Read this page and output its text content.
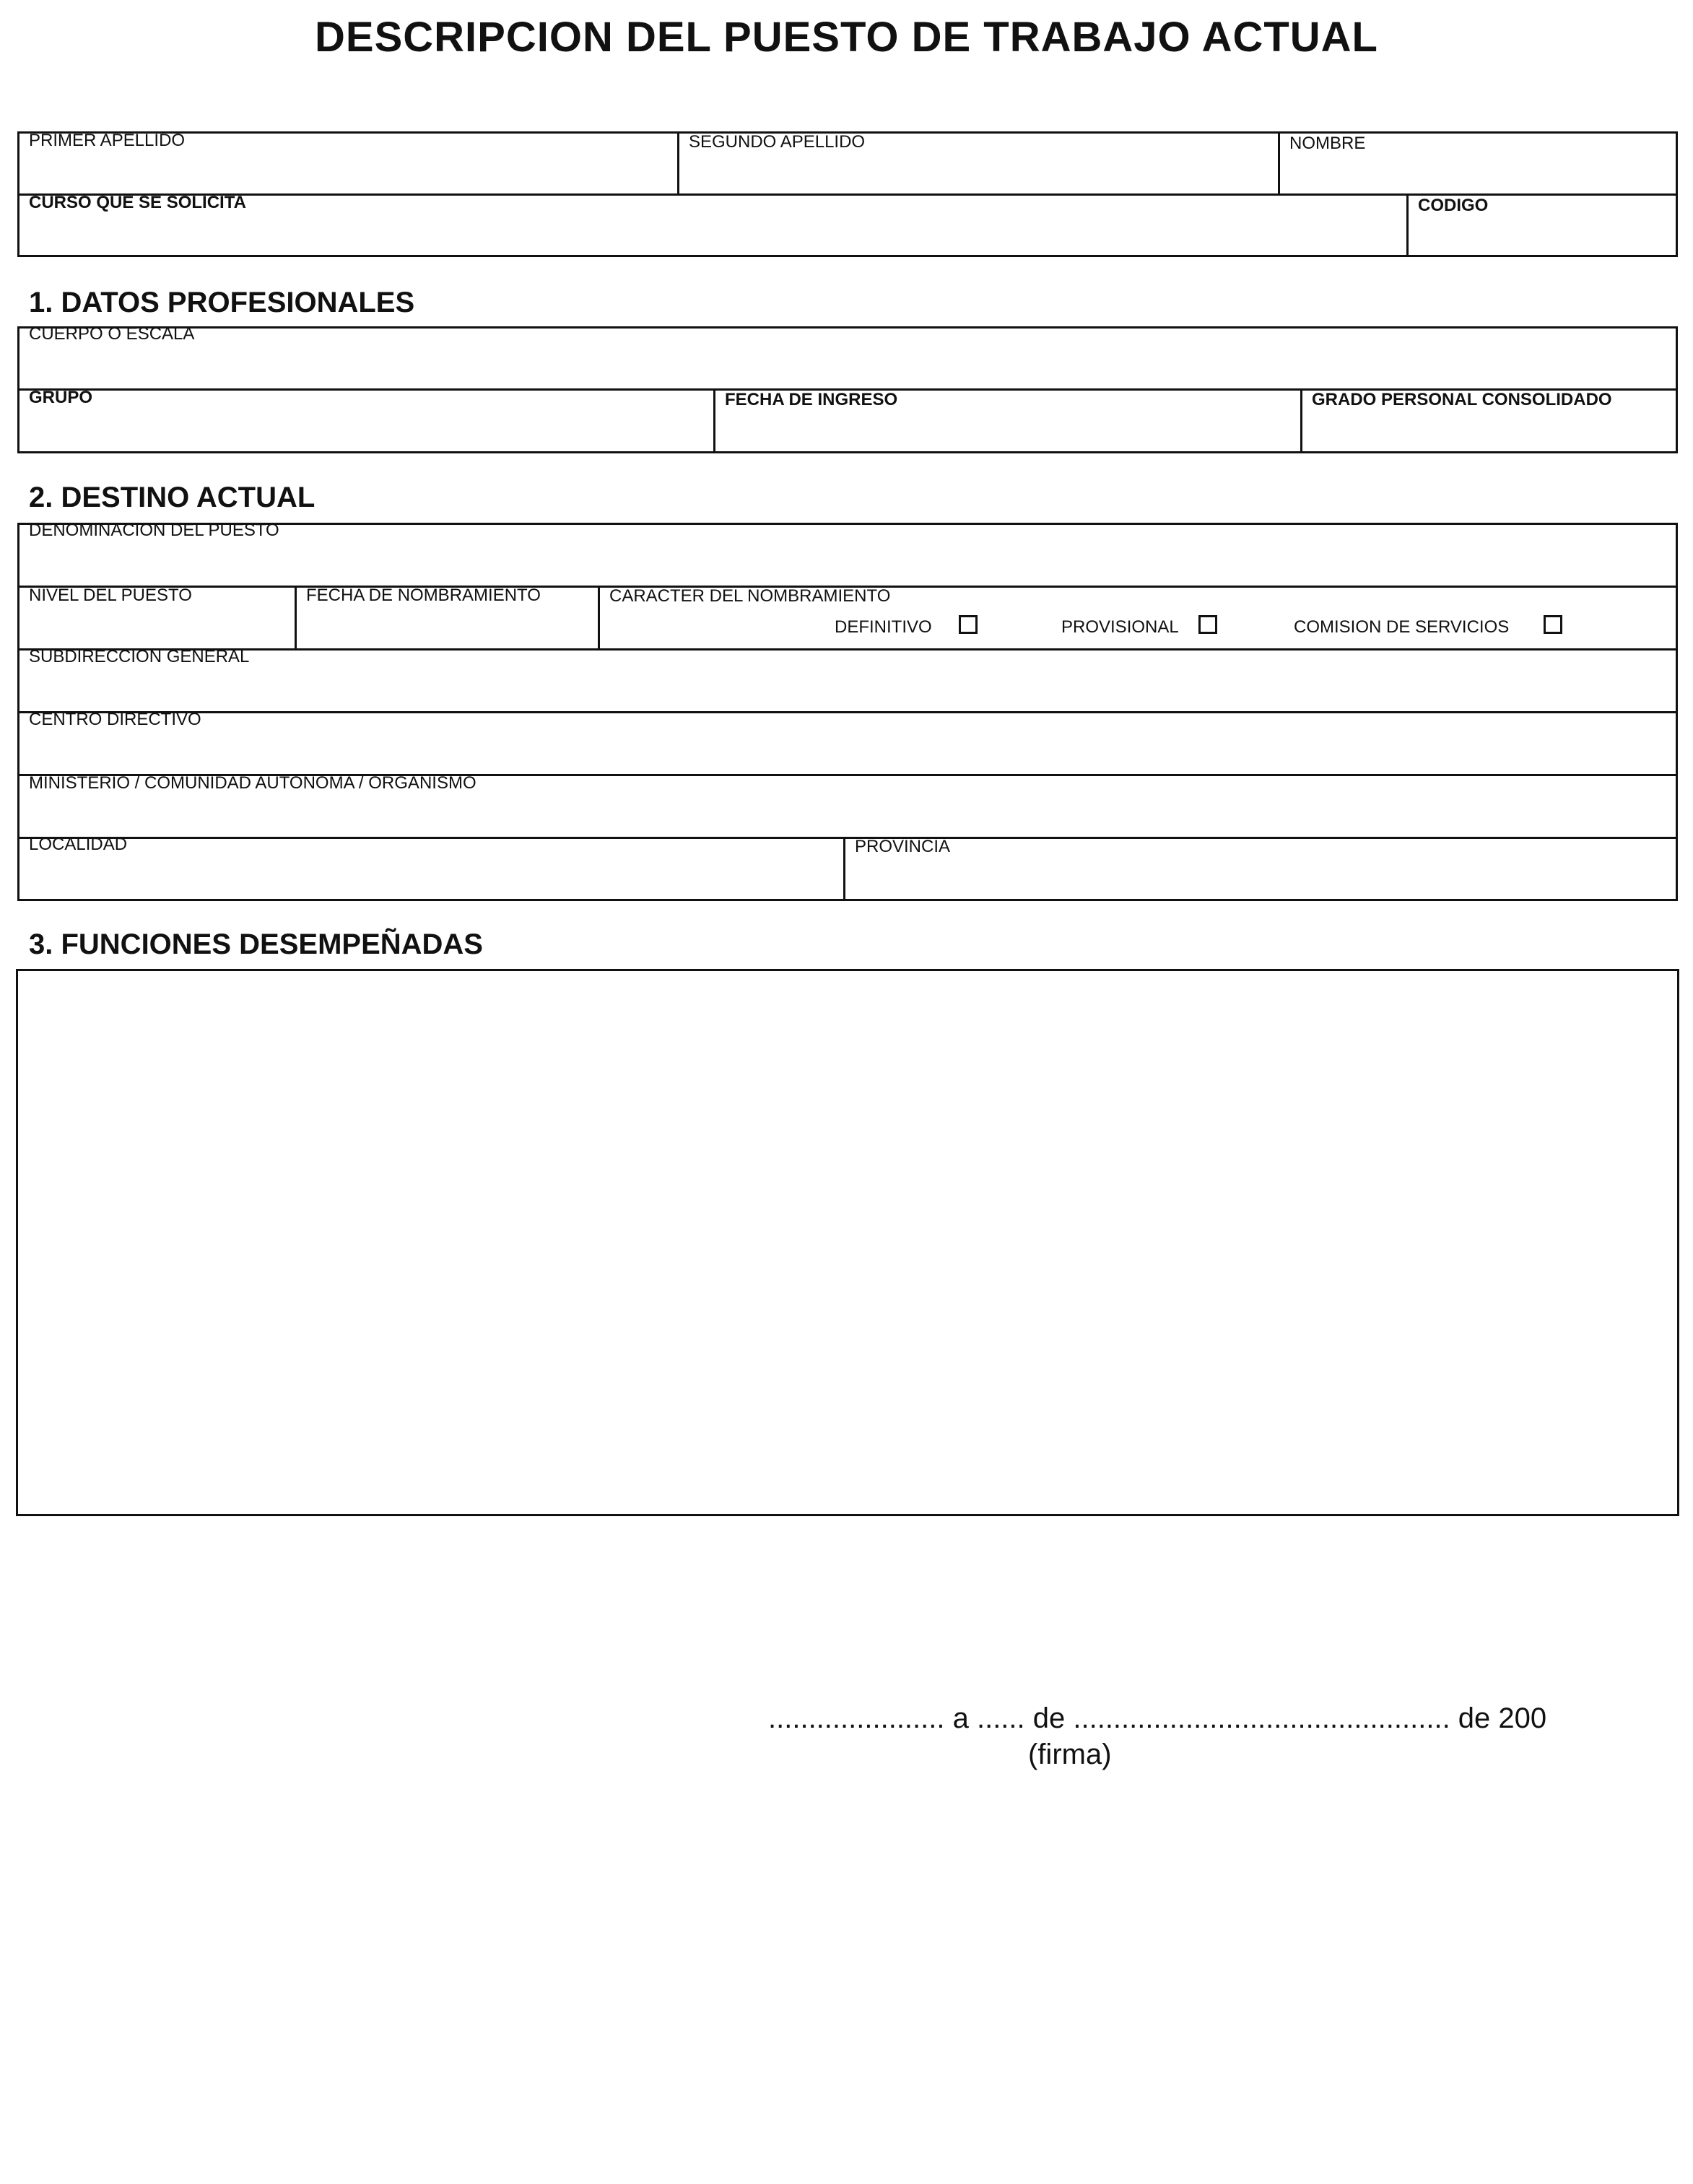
DESCRIPCION DEL PUESTO DE TRABAJO ACTUAL
PRIMER APELLIDO	SEGUNDO APELLIDO	NOMBRE
CURSO QUE SE SOLICITA	CODIGO
1. DATOS PROFESIONALES
CUERPO O ESCALA
GRUPO	FECHA DE INGRESO	GRADO PERSONAL CONSOLIDADO
2. DESTINO ACTUAL
DENOMINACION DEL PUESTO
NIVEL DEL PUESTO	FECHA DE NOMBRAMIENTO	CARACTER DEL NOMBRAMIENTO
DEFINITIVO	PROVISIONAL	COMISION DE SERVICIOS
SUBDIRECCION GENERAL
CENTRO DIRECTIVO
MINISTERIO / COMUNIDAD AUTONOMA / ORGANISMO
LOCALIDAD	PROVINCIA
3. FUNCIONES DESEMPEÑADAS
...................... a ...... de ............................................... de 200
(firma)
